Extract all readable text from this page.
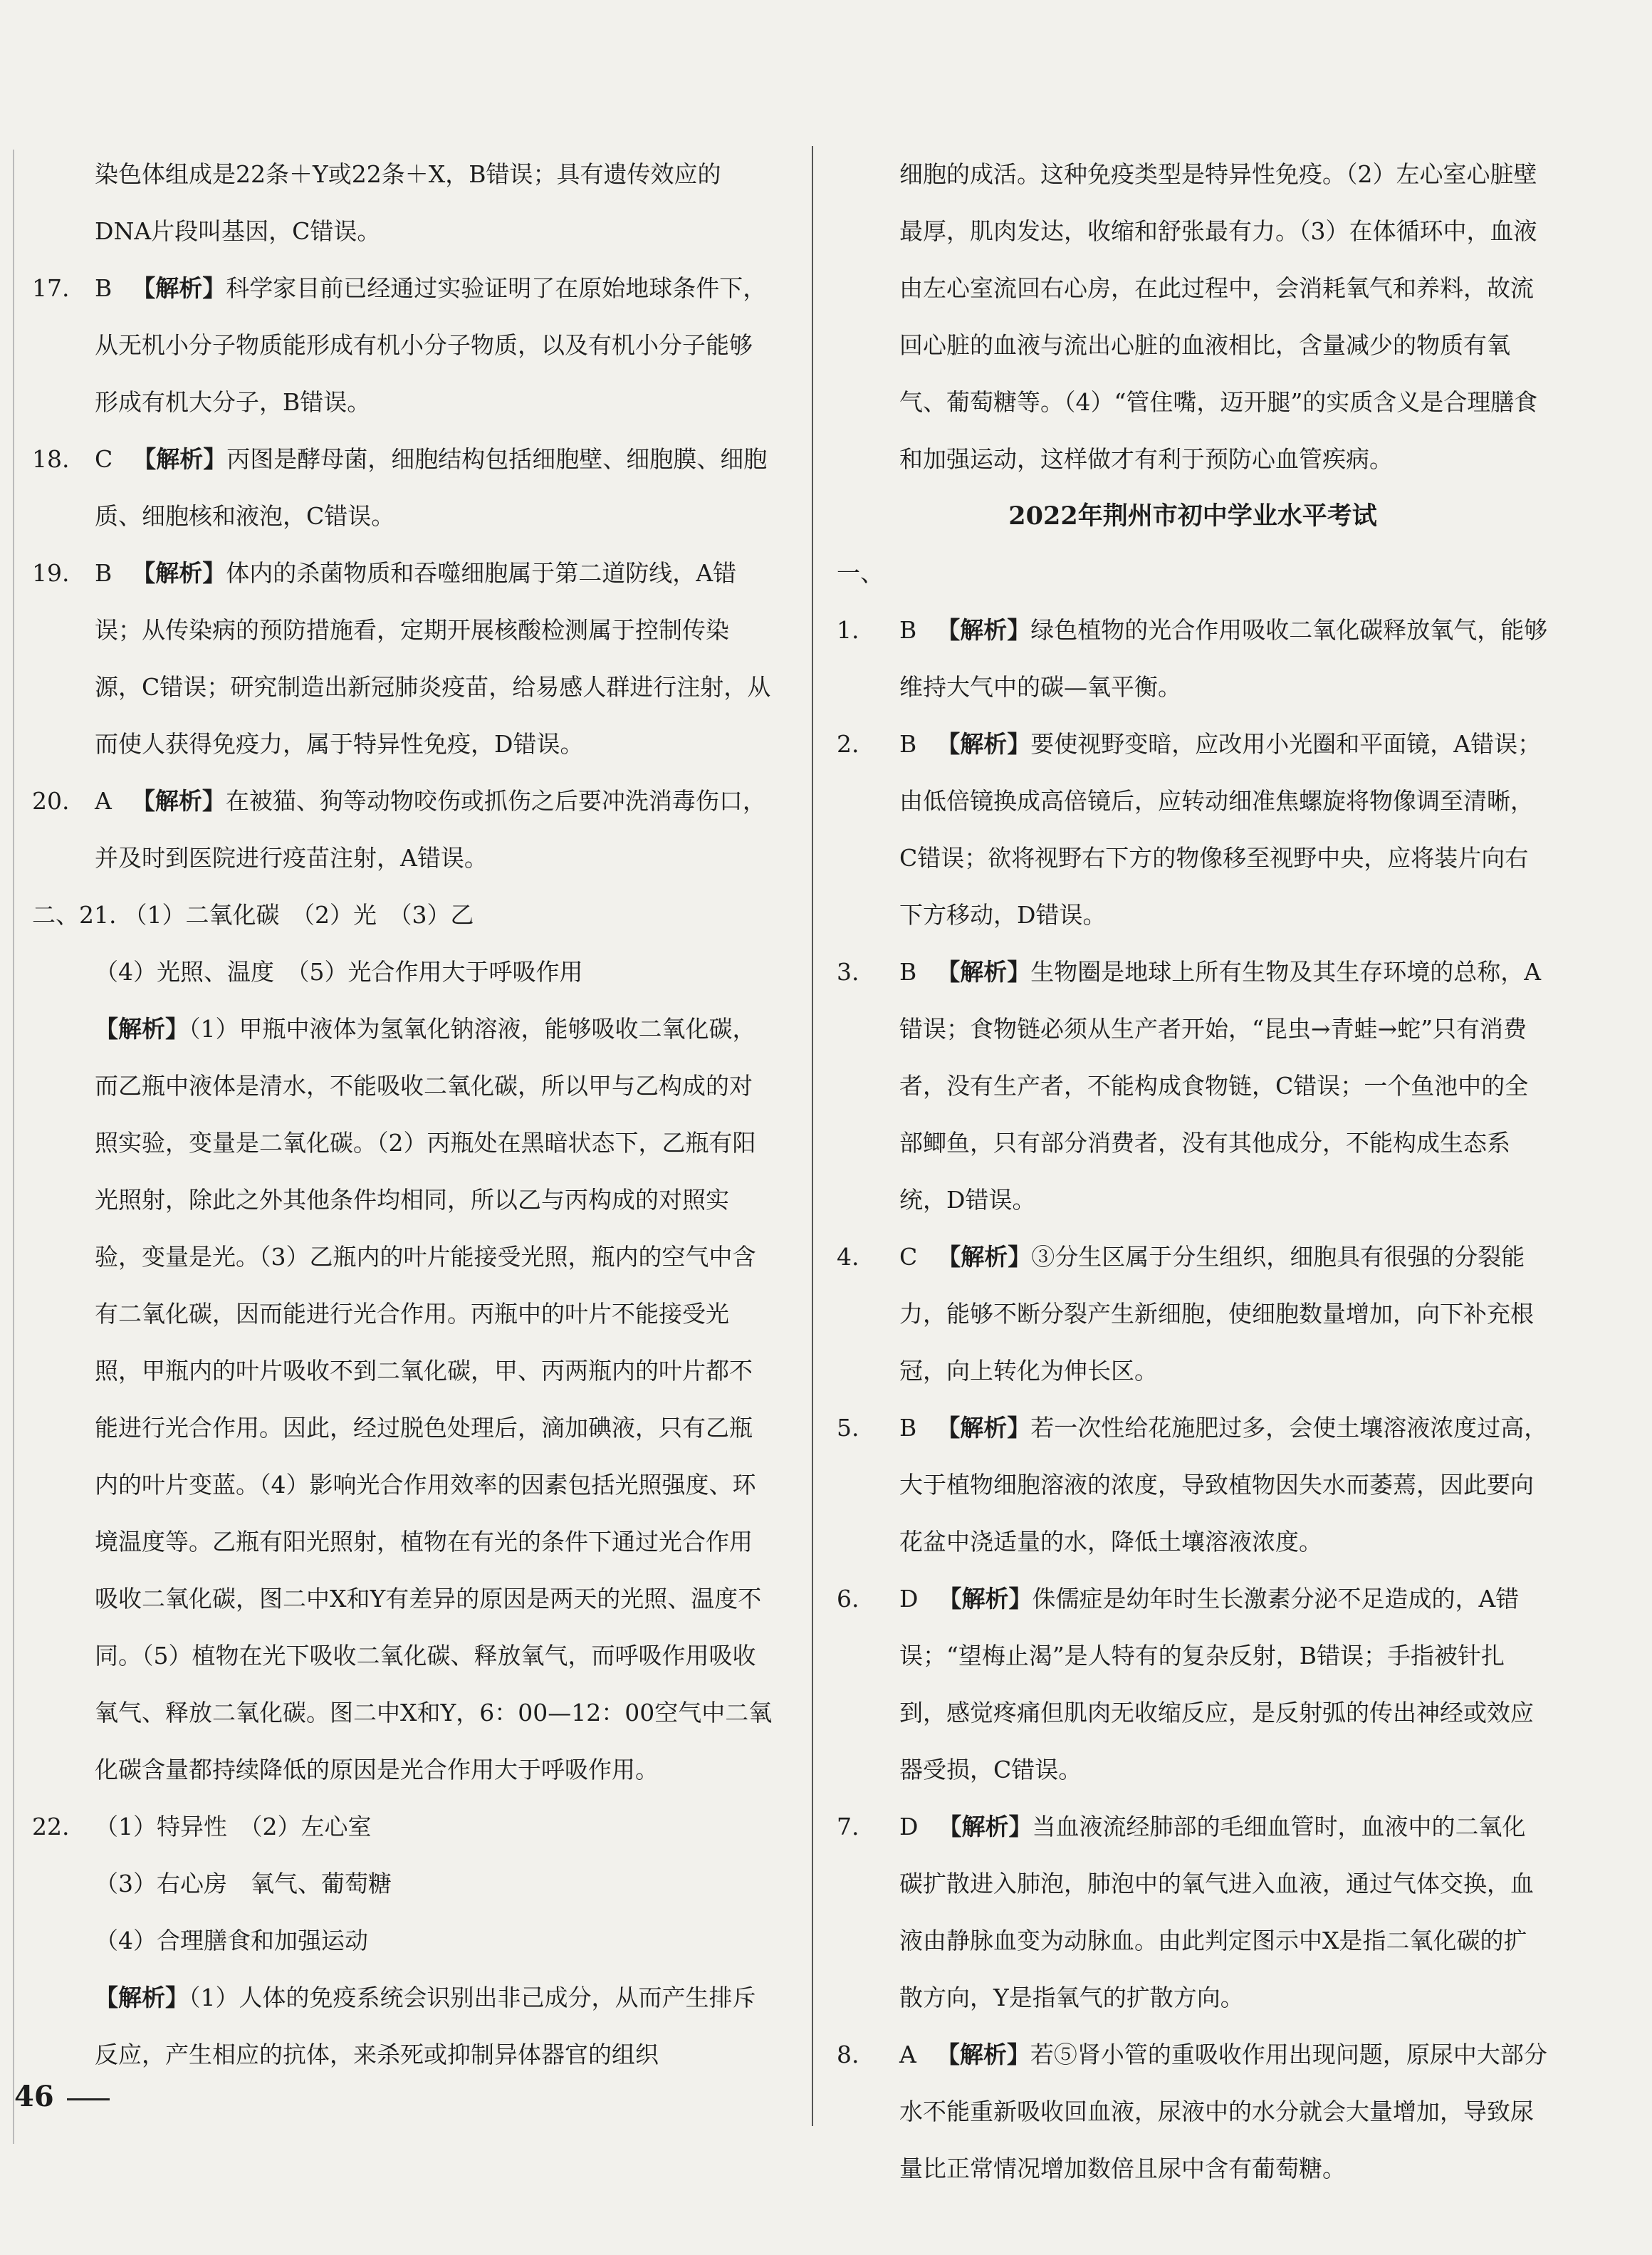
染色体组成是22条＋Y或22条＋X，B错误；具有遗传效应的DNA片段叫基因，C错误。

17. B 【解析】科学家目前已经通过实验证明了在原始地球条件下，从无机小分子物质能形成有机小分子物质，以及有机小分子能够形成有机大分子，B错误。

18. C 【解析】丙图是酵母菌，细胞结构包括细胞壁、细胞膜、细胞质、细胞核和液泡，C错误。

19. B 【解析】体内的杀菌物质和吞噬细胞属于第二道防线，A错误；从传染病的预防措施看，定期开展核酸检测属于控制传染源，C错误；研究制造出新冠肺炎疫苗，给易感人群进行注射，从而使人获得免疫力，属于特异性免疫，D错误。

20. A 【解析】在被猫、狗等动物咬伤或抓伤之后要冲洗消毒伤口，并及时到医院进行疫苗注射，A错误。

二、21. （1）二氧化碳　（2）光　（3）乙

（4）光照、温度　（5）光合作用大于呼吸作用

【解析】（1）甲瓶中液体为氢氧化钠溶液，能够吸收二氧化碳，而乙瓶中液体是清水，不能吸收二氧化碳，所以甲与乙构成的对照实验，变量是二氧化碳。（2）丙瓶处在黑暗状态下，乙瓶有阳光照射，除此之外其他条件均相同，所以乙与丙构成的对照实验，变量是光。（3）乙瓶内的叶片能接受光照，瓶内的空气中含有二氧化碳，因而能进行光合作用。丙瓶中的叶片不能接受光照，甲瓶内的叶片吸收不到二氧化碳，甲、丙两瓶内的叶片都不能进行光合作用。因此，经过脱色处理后，滴加碘液，只有乙瓶内的叶片变蓝。（4）影响光合作用效率的因素包括光照强度、环境温度等。乙瓶有阳光照射，植物在有光的条件下通过光合作用吸收二氧化碳，图二中X和Y有差异的原因是两天的光照、温度不同。（5）植物在光下吸收二氧化碳、释放氧气，而呼吸作用吸收氧气、释放二氧化碳。图二中X和Y，6：00—12：00空气中二氧化碳含量都持续降低的原因是光合作用大于呼吸作用。

22. （1）特异性　（2）左心室

（3）右心房　氧气、葡萄糖

（4）合理膳食和加强运动

【解析】（1）人体的免疫系统会识别出非己成分，从而产生排斥反应，产生相应的抗体，来杀死或抑制异体器官的组织

细胞的成活。这种免疫类型是特异性免疫。（2）左心室心脏壁最厚，肌肉发达，收缩和舒张最有力。（3）在体循环中，血液由左心室流回右心房，在此过程中，会消耗氧气和养料，故流回心脏的血液与流出心脏的血液相比，含量减少的物质有氧气、葡萄糖等。（4）“管住嘴，迈开腿”的实质含义是合理膳食和加强运动，这样做才有利于预防心血管疾病。

2022年荆州市初中学业水平考试

一、1. B 【解析】绿色植物的光合作用吸收二氧化碳释放氧气，能够维持大气中的碳—氧平衡。

2. B 【解析】要使视野变暗，应改用小光圈和平面镜，A错误；由低倍镜换成高倍镜后，应转动细准焦螺旋将物像调至清晰，C错误；欲将视野右下方的物像移至视野中央，应将装片向右下方移动，D错误。

3. B 【解析】生物圈是地球上所有生物及其生存环境的总称，A错误；食物链必须从生产者开始，“昆虫→青蛙→蛇”只有消费者，没有生产者，不能构成食物链，C错误；一个鱼池中的全部鲫鱼，只有部分消费者，没有其他成分，不能构成生态系统，D错误。

4. C 【解析】③分生区属于分生组织，细胞具有很强的分裂能力，能够不断分裂产生新细胞，使细胞数量增加，向下补充根冠，向上转化为伸长区。

5. B 【解析】若一次性给花施肥过多，会使土壤溶液浓度过高，大于植物细胞溶液的浓度，导致植物因失水而萎蔫，因此要向花盆中浇适量的水，降低土壤溶液浓度。

6. D 【解析】侏儒症是幼年时生长激素分泌不足造成的，A错误；“望梅止渴”是人特有的复杂反射，B错误；手指被针扎到，感觉疼痛但肌肉无收缩反应，是反射弧的传出神经或效应器受损，C错误。

7. D 【解析】当血液流经肺部的毛细血管时，血液中的二氧化碳扩散进入肺泡，肺泡中的氧气进入血液，通过气体交换，血液由静脉血变为动脉血。由此判定图示中X是指二氧化碳的扩散方向，Y是指氧气的扩散方向。

8. A 【解析】若⑤肾小管的重吸收作用出现问题，原尿中大部分水不能重新吸收回血液，尿液中的水分就会大量增加，导致尿量比正常情况增加数倍且尿中含有葡萄糖。

46
